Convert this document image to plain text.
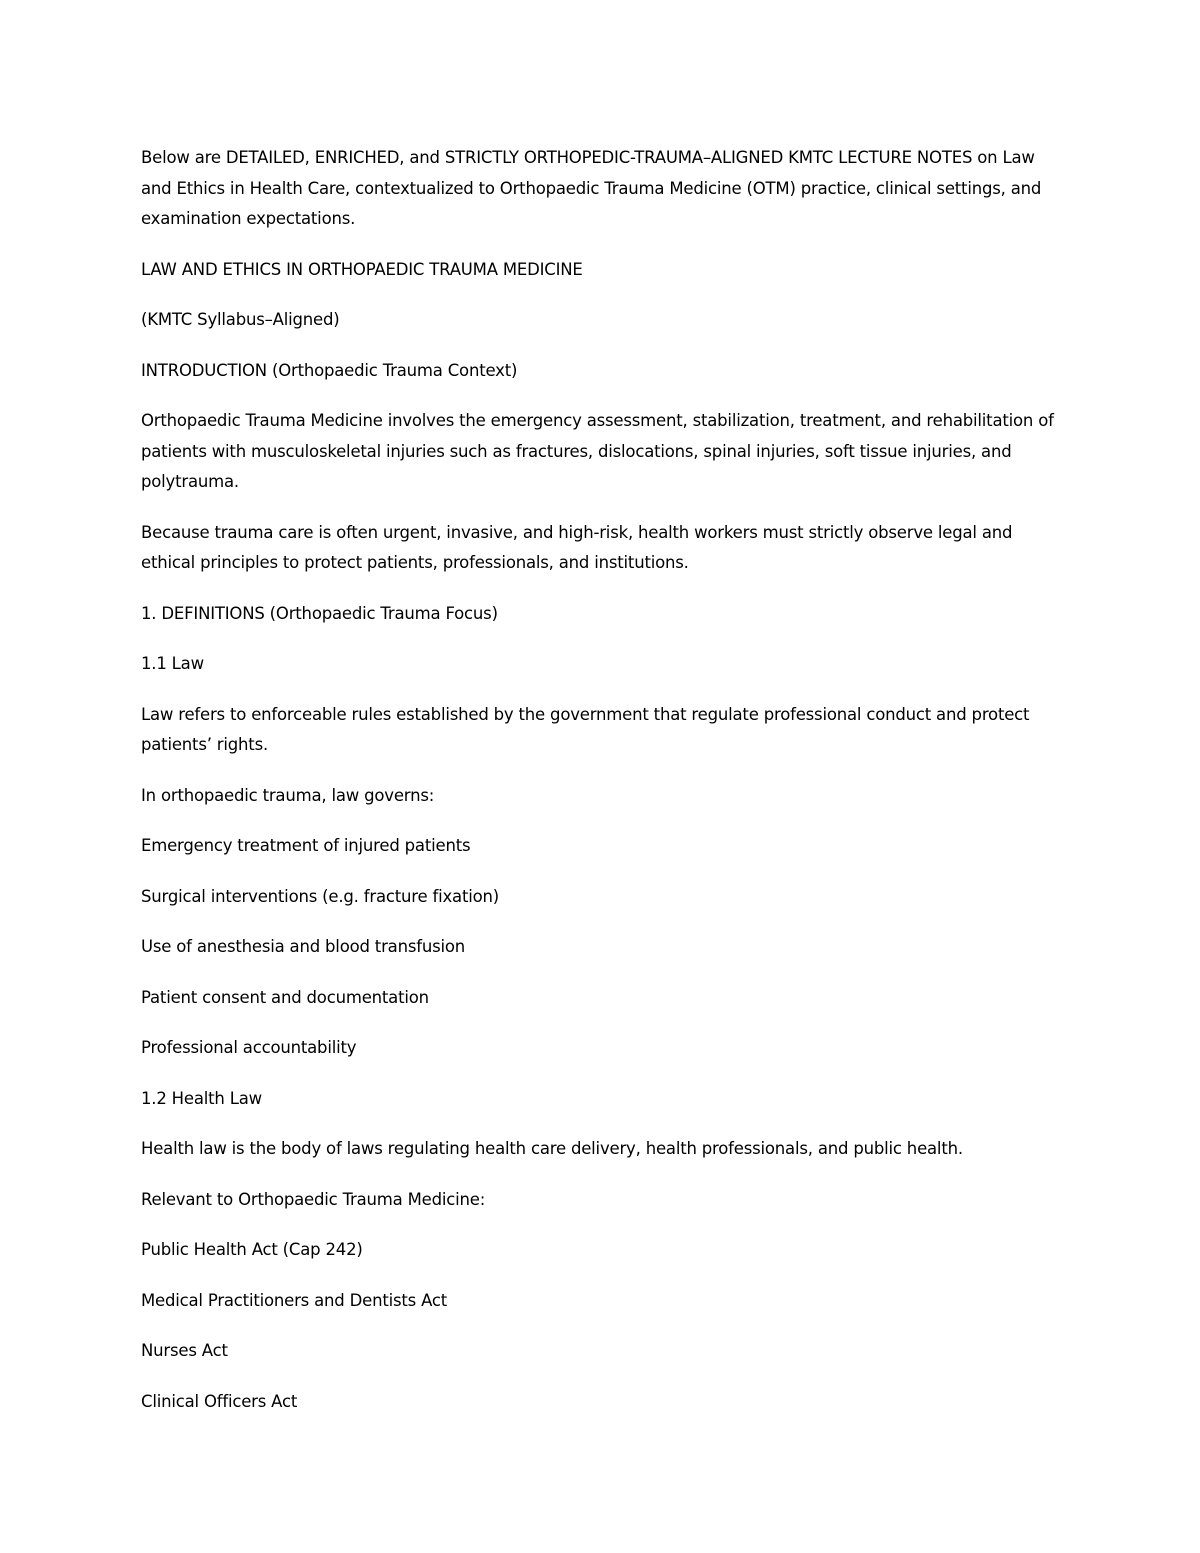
Below are DETAILED, ENRICHED, and STRICTLY ORTHOPEDIC-TRAUMA–ALIGNED KMTC LECTURE NOTES on Law and Ethics in Health Care, contextualized to Orthopaedic Trauma Medicine (OTM) practice, clinical settings, and examination expectations.

LAW AND ETHICS IN ORTHOPAEDIC TRAUMA MEDICINE

(KMTC Syllabus–Aligned)

INTRODUCTION (Orthopaedic Trauma Context)

Orthopaedic Trauma Medicine involves the emergency assessment, stabilization, treatment, and rehabilitation of patients with musculoskeletal injuries such as fractures, dislocations, spinal injuries, soft tissue injuries, and polytrauma.

Because trauma care is often urgent, invasive, and high-risk, health workers must strictly observe legal and ethical principles to protect patients, professionals, and institutions.

1. DEFINITIONS (Orthopaedic Trauma Focus)

1.1 Law

Law refers to enforceable rules established by the government that regulate professional conduct and protect patients’ rights.

In orthopaedic trauma, law governs:

Emergency treatment of injured patients

Surgical interventions (e.g. fracture fixation)

Use of anesthesia and blood transfusion

Patient consent and documentation

Professional accountability

1.2 Health Law

Health law is the body of laws regulating health care delivery, health professionals, and public health.

Relevant to Orthopaedic Trauma Medicine:

Public Health Act (Cap 242)

Medical Practitioners and Dentists Act

Nurses Act

Clinical Officers Act
